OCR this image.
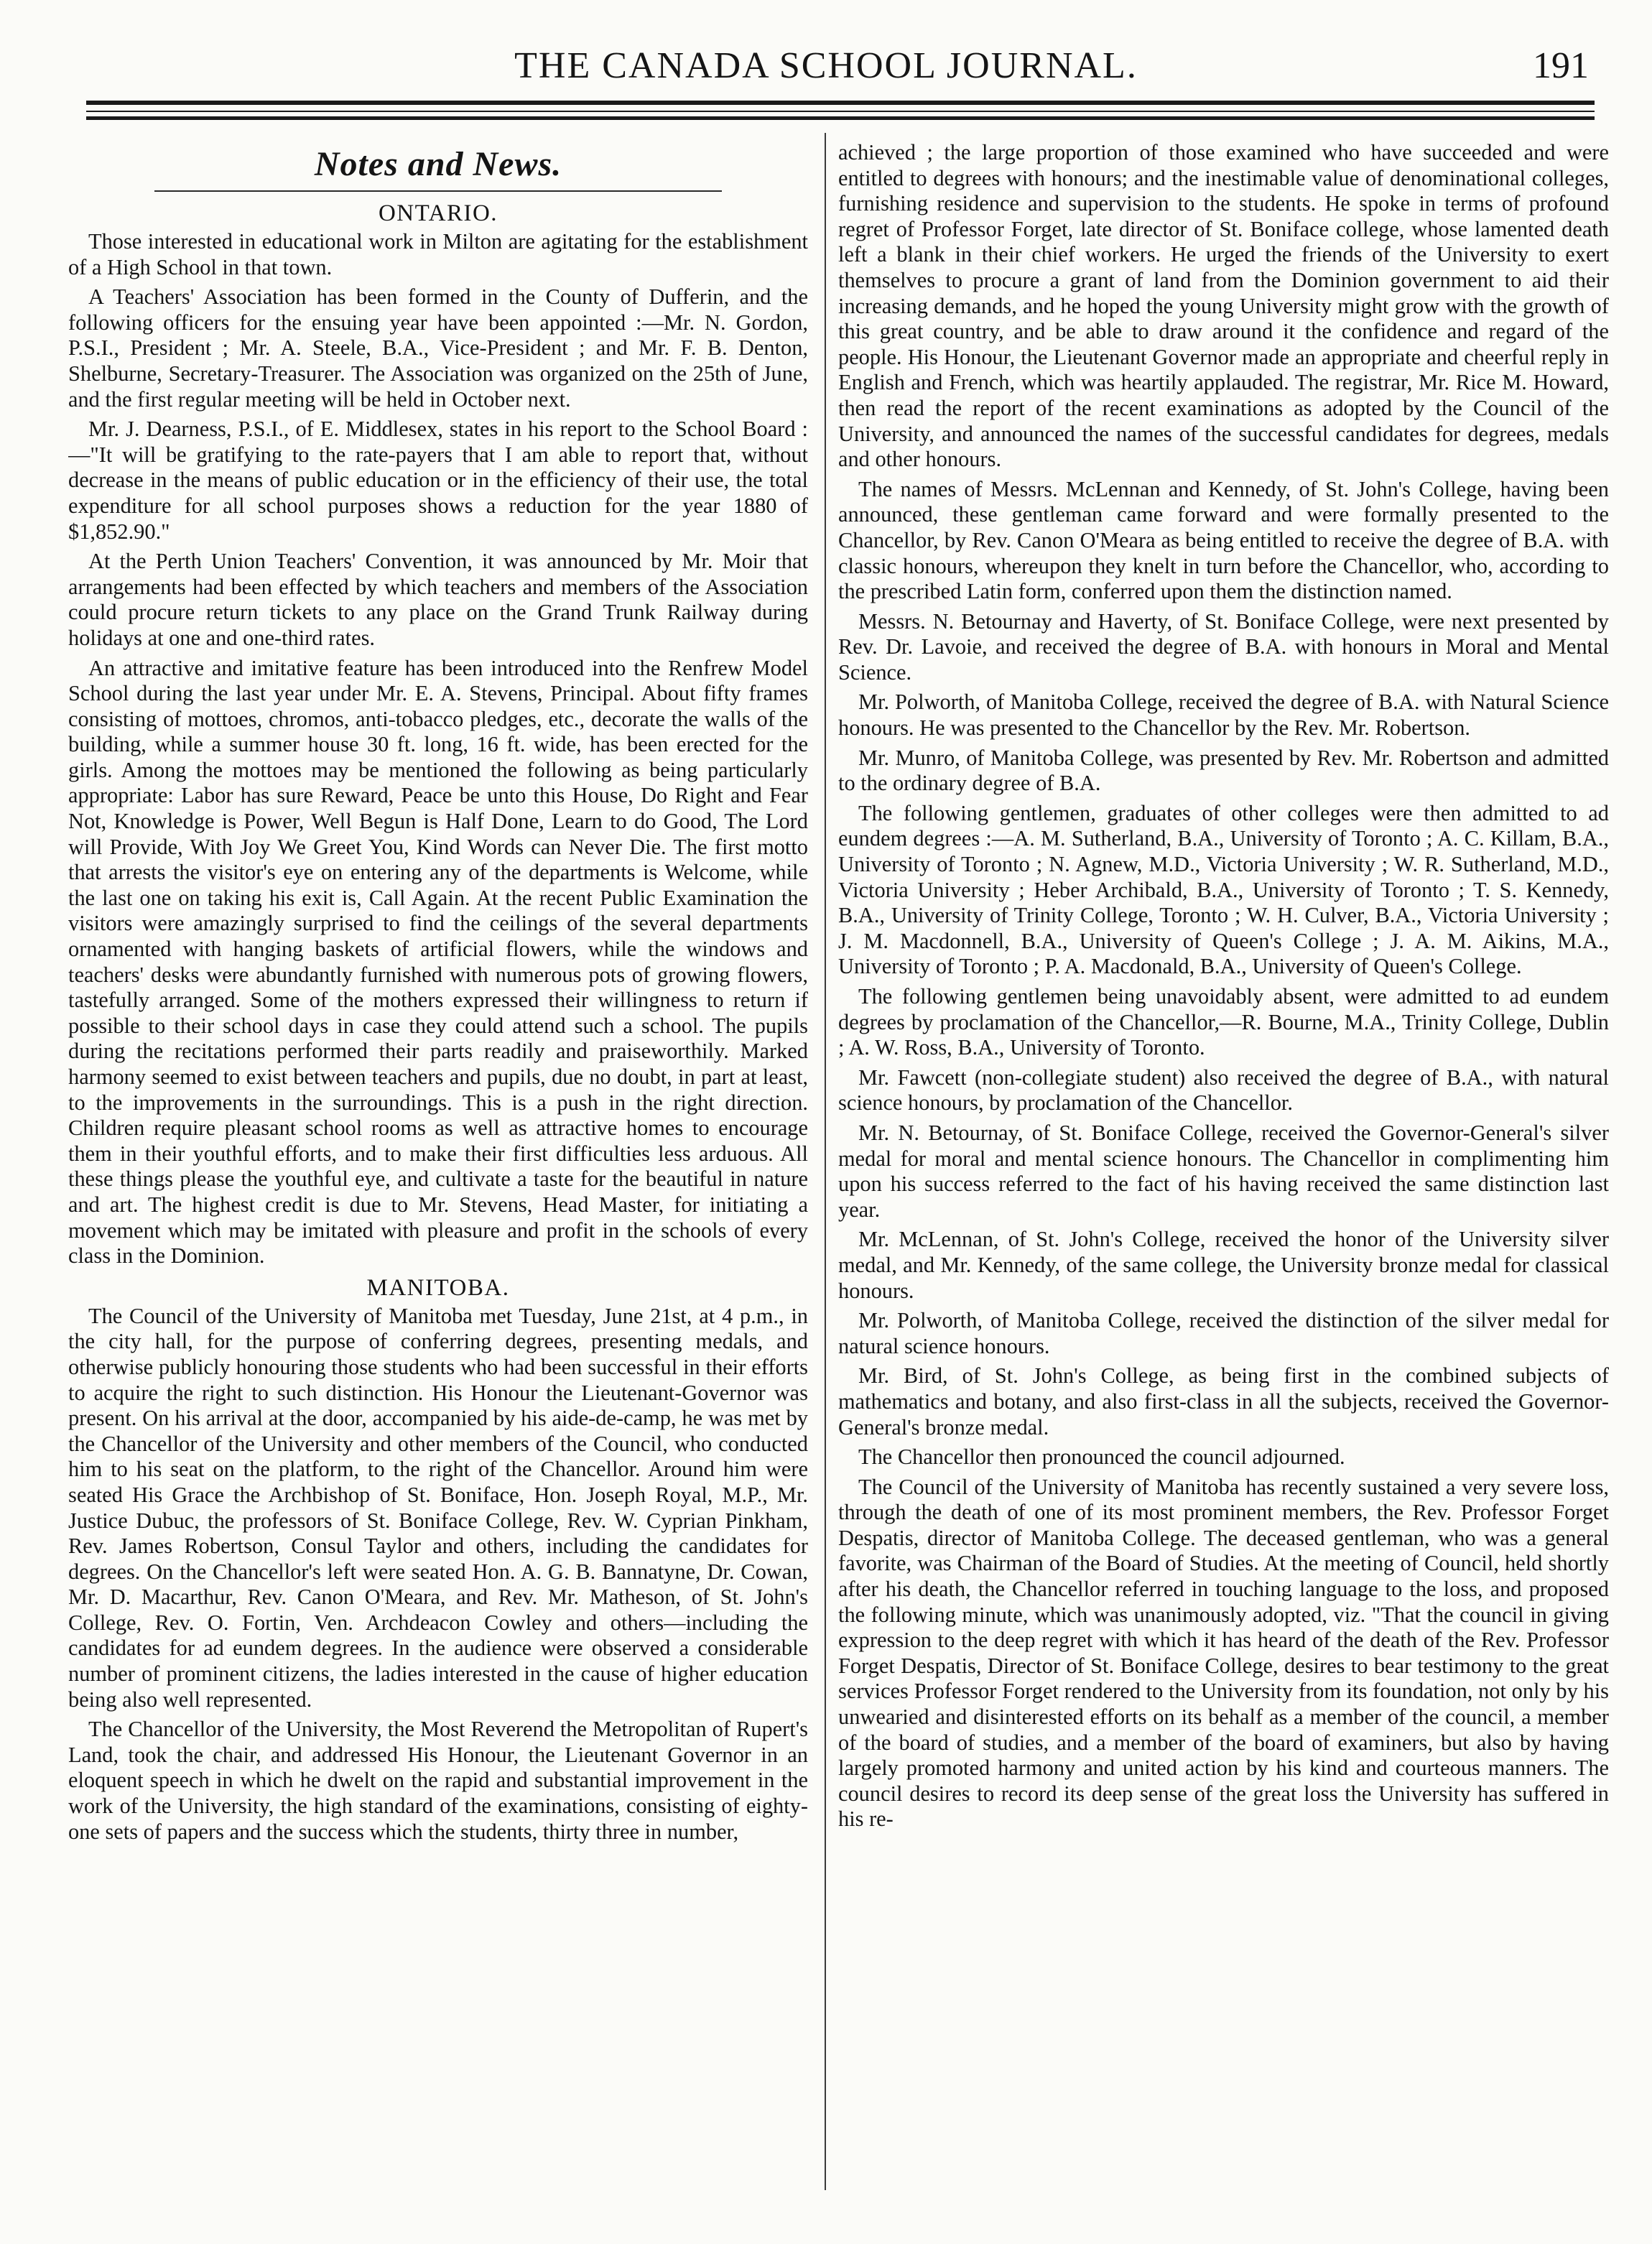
THE CANADA SCHOOL JOURNAL.	191
Notes and News.
ONTARIO.

Those interested in educational work in Milton are agitating for the establishment of a High School in that town.

A Teachers' Association has been formed in the County of Dufferin, and the following officers for the ensuing year have been appointed :—Mr. N. Gordon, P.S.I., President ; Mr. A. Steele, B.A., Vice-President ; and Mr. F. B. Denton, Shelburne, Secretary-Treasurer. The Association was organized on the 25th of June, and the first regular meeting will be held in October next.

Mr. J. Dearness, P.S.I., of E. Middlesex, states in his report to the School Board :—"It will be gratifying to the rate-payers that I am able to report that, without decrease in the means of public education or in the efficiency of their use, the total expenditure for all school purposes shows a reduction for the year 1880 of $1,852.90."

At the Perth Union Teachers' Convention, it was announced by Mr. Moir that arrangements had been effected by which teachers and members of the Association could procure return tickets to any place on the Grand Trunk Railway during holidays at one and one-third rates.

An attractive and imitative feature has been introduced into the Renfrew Model School during the last year under Mr. E. A. Stevens, Principal. About fifty frames consisting of mottoes, chromos, anti-tobacco pledges, etc., decorate the walls of the building, while a summer house 30 ft. long, 16 ft. wide, has been erected for the girls. Among the mottoes may be mentioned the following as being particularly appropriate: Labor has sure Reward, Peace be unto this House, Do Right and Fear Not, Knowledge is Power, Well Begun is Half Done, Learn to do Good, The Lord will Provide, With Joy We Greet You, Kind Words can Never Die. The first motto that arrests the visitor's eye on entering any of the departments is Welcome, while the last one on taking his exit is, Call Again. At the recent Public Examination the visitors were amazingly surprised to find the ceilings of the several departments ornamented with hanging baskets of artificial flowers, while the windows and teachers' desks were abundantly furnished with numerous pots of growing flowers, tastefully arranged. Some of the mothers expressed their willingness to return if possible to their school days in case they could attend such a school. The pupils during the recitations performed their parts readily and praiseworthily. Marked harmony seemed to exist between teachers and pupils, due no doubt, in part at least, to the improvements in the surroundings. This is a push in the right direction. Children require pleasant school rooms as well as attractive homes to encourage them in their youthful efforts, and to make their first difficulties less arduous. All these things please the youthful eye, and cultivate a taste for the beautiful in nature and art. The highest credit is due to Mr. Stevens, Head Master, for initiating a movement which may be imitated with pleasure and profit in the schools of every class in the Dominion.

MANITOBA.

The Council of the University of Manitoba met Tuesday, June 21st, at 4 p.m., in the city hall, for the purpose of conferring degrees, presenting medals, and otherwise publicly honouring those students who had been successful in their efforts to acquire the right to such distinction. His Honour the Lieutenant-Governor was present. On his arrival at the door, accompanied by his aide-de-camp, he was met by the Chancellor of the University and other members of the Council, who conducted him to his seat on the platform, to the right of the Chancellor. Around him were seated His Grace the Archbishop of St. Boniface, Hon. Joseph Royal, M.P., Mr. Justice Dubuc, the professors of St. Boniface College, Rev. W. Cyprian Pinkham, Rev. James Robertson, Consul Taylor and others, including the candidates for degrees. On the Chancellor's left were seated Hon. A. G. B. Bannatyne, Dr. Cowan, Mr. D. Macarthur, Rev. Canon O'Meara, and Rev. Mr. Matheson, of St. John's College, Rev. O. Fortin, Ven. Archdeacon Cowley and others—including the candidates for ad eundem degrees. In the audience were observed a considerable number of prominent citizens, the ladies interested in the cause of higher education being also well represented.

The Chancellor of the University, the Most Reverend the Metropolitan of Rupert's Land, took the chair, and addressed His Honour, the Lieutenant Governor in an eloquent speech in which he dwelt on the rapid and substantial improvement in the work of the University, the high standard of the examinations, consisting of eighty-one sets of papers and the success which the students, thirty three in number,

achieved ; the large proportion of those examined who have succeeded and were entitled to degrees with honours; and the inestimable value of denominational colleges, furnishing residence and supervision to the students. He spoke in terms of profound regret of Professor Forget, late director of St. Boniface college, whose lamented death left a blank in their chief workers. He urged the friends of the University to exert themselves to procure a grant of land from the Dominion government to aid their increasing demands, and he hoped the young University might grow with the growth of this great country, and be able to draw around it the confidence and regard of the people. His Honour, the Lieutenant Governor made an appropriate and cheerful reply in English and French, which was heartily applauded. The registrar, Mr. Rice M. Howard, then read the report of the recent examinations as adopted by the Council of the University, and announced the names of the successful candidates for degrees, medals and other honours.

The names of Messrs. McLennan and Kennedy, of St. John's College, having been announced, these gentleman came forward and were formally presented to the Chancellor, by Rev. Canon O'Meara as being entitled to receive the degree of B.A. with classic honours, whereupon they knelt in turn before the Chancellor, who, according to the prescribed Latin form, conferred upon them the distinction named.

Messrs. N. Betournay and Haverty, of St. Boniface College, were next presented by Rev. Dr. Lavoie, and received the degree of B.A. with honours in Moral and Mental Science.

Mr. Polworth, of Manitoba College, received the degree of B.A. with Natural Science honours. He was presented to the Chancellor by the Rev. Mr. Robertson.

Mr. Munro, of Manitoba College, was presented by Rev. Mr. Robertson and admitted to the ordinary degree of B.A.

The following gentlemen, graduates of other colleges were then admitted to ad eundem degrees :—A. M. Sutherland, B.A., University of Toronto ; A. C. Killam, B.A., University of Toronto ; N. Agnew, M.D., Victoria University ; W. R. Sutherland, M.D., Victoria University ; Heber Archibald, B.A., University of Toronto ; T. S. Kennedy, B.A., University of Trinity College, Toronto ; W. H. Culver, B.A., Victoria University ; J. M. Macdonnell, B.A., University of Queen's College ; J. A. M. Aikins, M.A., University of Toronto ; P. A. Macdonald, B.A., University of Queen's College.

The following gentlemen being unavoidably absent, were admitted to ad eundem degrees by proclamation of the Chancellor,—R. Bourne, M.A., Trinity College, Dublin ; A. W. Ross, B.A., University of Toronto.

Mr. Fawcett (non-collegiate student) also received the degree of B.A., with natural science honours, by proclamation of the Chancellor.

Mr. N. Betournay, of St. Boniface College, received the Governor-General's silver medal for moral and mental science honours. The Chancellor in complimenting him upon his success referred to the fact of his having received the same distinction last year.

Mr. McLennan, of St. John's College, received the honor of the University silver medal, and Mr. Kennedy, of the same college, the University bronze medal for classical honours.

Mr. Polworth, of Manitoba College, received the distinction of the silver medal for natural science honours.

Mr. Bird, of St. John's College, as being first in the combined subjects of mathematics and botany, and also first-class in all the subjects, received the Governor-General's bronze medal.

The Chancellor then pronounced the council adjourned.

The Council of the University of Manitoba has recently sustained a very severe loss, through the death of one of its most prominent members, the Rev. Professor Forget Despatis, director of Manitoba College. The deceased gentleman, who was a general favorite, was Chairman of the Board of Studies. At the meeting of Council, held shortly after his death, the Chancellor referred in touching language to the loss, and proposed the following minute, which was unanimously adopted, viz. "That the council in giving expression to the deep regret with which it has heard of the death of the Rev. Professor Forget Despatis, Director of St. Boniface College, desires to bear testimony to the great services Professor Forget rendered to the University from its foundation, not only by his unwearied and disinterested efforts on its behalf as a member of the council, a member of the board of studies, and a member of the board of examiners, but also by having largely promoted harmony and united action by his kind and courteous manners. The council desires to record its deep sense of the great loss the University has suffered in his re-
